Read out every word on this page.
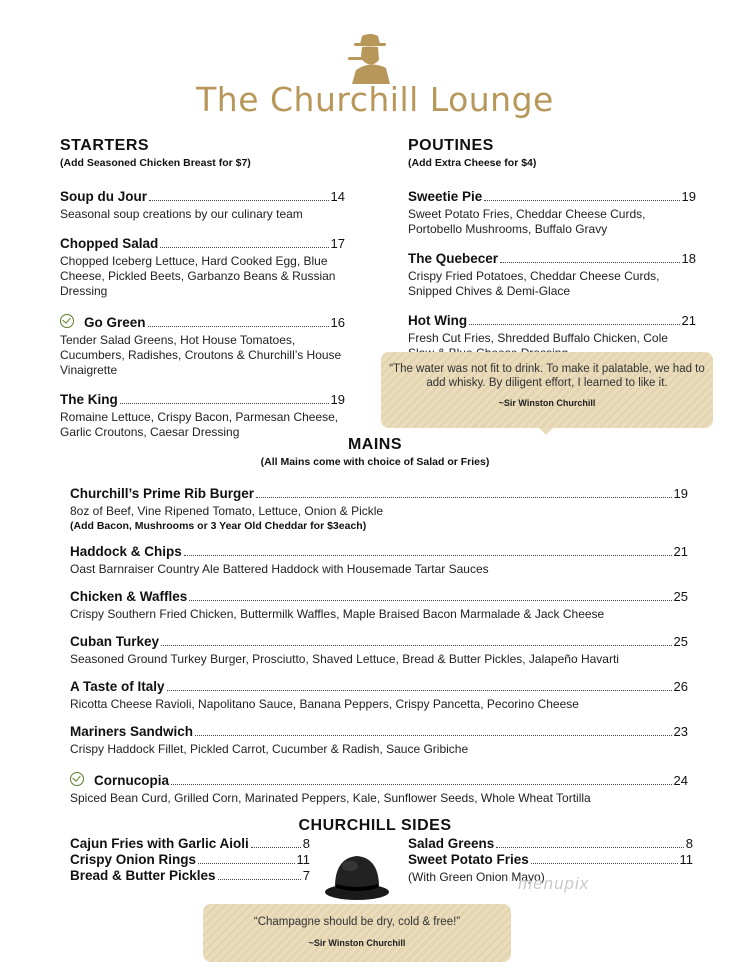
The Churchill Lounge
STARTERS
(Add Seasoned Chicken Breast for $7)
Soup du Jour	14
Seasonal soup creations by our culinary team
Chopped Salad	17
Chopped Iceberg Lettuce, Hard Cooked Egg, Blue Cheese, Pickled Beets, Garbanzo Beans & Russian Dressing
Go Green	16
Tender Salad Greens, Hot House Tomatoes, Cucumbers, Radishes, Croutons & Churchill’s House Vinaigrette
The King	19
Romaine Lettuce, Crispy Bacon, Parmesan Cheese, Garlic Croutons, Caesar Dressing
POUTINES
(Add Extra Cheese for $4)
Sweetie Pie	19
Sweet Potato Fries, Cheddar Cheese Curds, Portobello Mushrooms, Buffalo Gravy
The Quebecer	18
Crispy Fried Potatoes, Cheddar Cheese Curds, Snipped Chives & Demi-Glace
Hot Wing	21
Fresh Cut Fries, Shredded Buffalo Chicken, Cole
“The water was not fit to drink. To make it palatable, we had to add whisky. By diligent effort, I learned to like it.
~Sir Winston Churchill
MAINS
(All Mains come with choice of Salad or Fries)
Churchill’s Prime Rib Burger	19
8oz of Beef, Vine Ripened Tomato, Lettuce, Onion & Pickle
(Add Bacon, Mushrooms or 3 Year Old Cheddar for $3each)
Haddock & Chips	21
Oast Barnraiser Country Ale Battered Haddock with Housemade Tartar Sauces
Chicken & Waffles	25
Crispy Southern Fried Chicken, Buttermilk Waffles, Maple Braised Bacon Marmalade & Jack Cheese
Cuban Turkey	25
Seasoned Ground Turkey Burger, Prosciutto, Shaved Lettuce, Bread & Butter Pickles, Jalapeño Havarti
A Taste of Italy	26
Ricotta Cheese Ravioli, Napolitano Sauce, Banana Peppers, Crispy Pancetta, Pecorino Cheese
Mariners Sandwich	23
Crispy Haddock Fillet, Pickled Carrot, Cucumber & Radish, Sauce Gribiche
Cornucopia	24
Spiced Bean Curd, Grilled Corn, Marinated Peppers, Kale, Sunflower Seeds, Whole Wheat Tortilla
CHURCHILL SIDES
Cajun Fries with Garlic Aioli	8
Crispy Onion Rings	11
Bread & Butter Pickles	7
Salad Greens	8
Sweet Potato Fries	11
(With Green Onion Mayo)
menupix
“Champagne should be dry, cold & free!”
~Sir Winston Churchill
